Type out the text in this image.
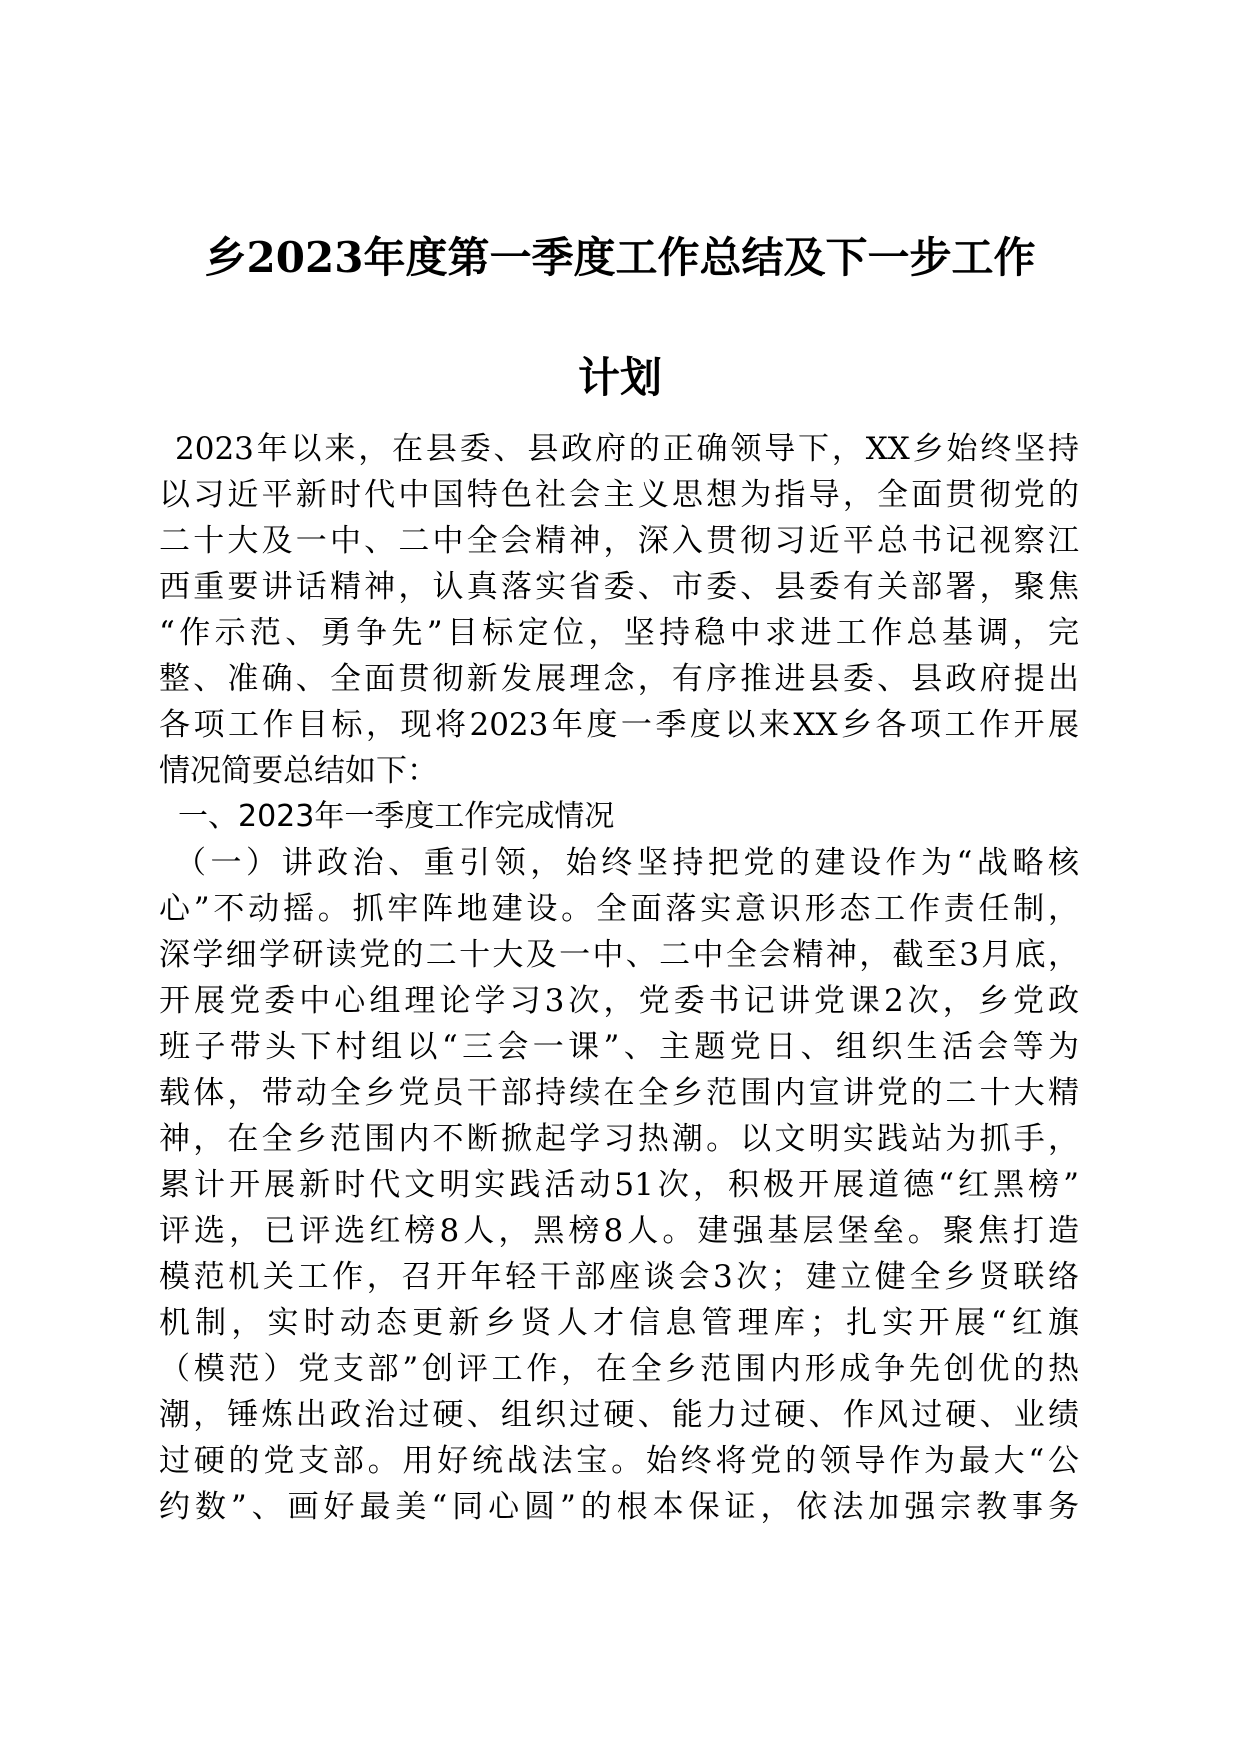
乡2023年度第一季度工作总结及下一步工作
计划
2023年以来，在县委、县政府的正确领导下，XX乡始终坚持
以习近平新时代中国特色社会主义思想为指导，全面贯彻党的
二十大及一中、二中全会精神，深入贯彻习近平总书记视察江
西重要讲话精神，认真落实省委、市委、县委有关部署，聚焦
“作示范、勇争先”目标定位，坚持稳中求进工作总基调，完
整、准确、全面贯彻新发展理念，有序推进县委、县政府提出
各项工作目标，现将2023年度一季度以来XX乡各项工作开展
情况简要总结如下：
一、2023年一季度工作完成情况
（一）讲政治、重引领，始终坚持把党的建设作为“战略核
心”不动摇。抓牢阵地建设。全面落实意识形态工作责任制，
深学细学研读党的二十大及一中、二中全会精神，截至3月底，
开展党委中心组理论学习3次，党委书记讲党课2次，乡党政
班子带头下村组以“三会一课”、主题党日、组织生活会等为
载体，带动全乡党员干部持续在全乡范围内宣讲党的二十大精
神，在全乡范围内不断掀起学习热潮。以文明实践站为抓手，
累计开展新时代文明实践活动51次，积极开展道德“红黑榜”
评选，已评选红榜8人，黑榜8人。建强基层堡垒。聚焦打造
模范机关工作，召开年轻干部座谈会3次；建立健全乡贤联络
机制，实时动态更新乡贤人才信息管理库；扎实开展“红旗
（模范）党支部”创评工作，在全乡范围内形成争先创优的热
潮，锤炼出政治过硬、组织过硬、能力过硬、作风过硬、业绩
过硬的党支部。用好统战法宝。始终将党的领导作为最大“公
约数”、画好最美“同心圆”的根本保证，依法加强宗教事务
